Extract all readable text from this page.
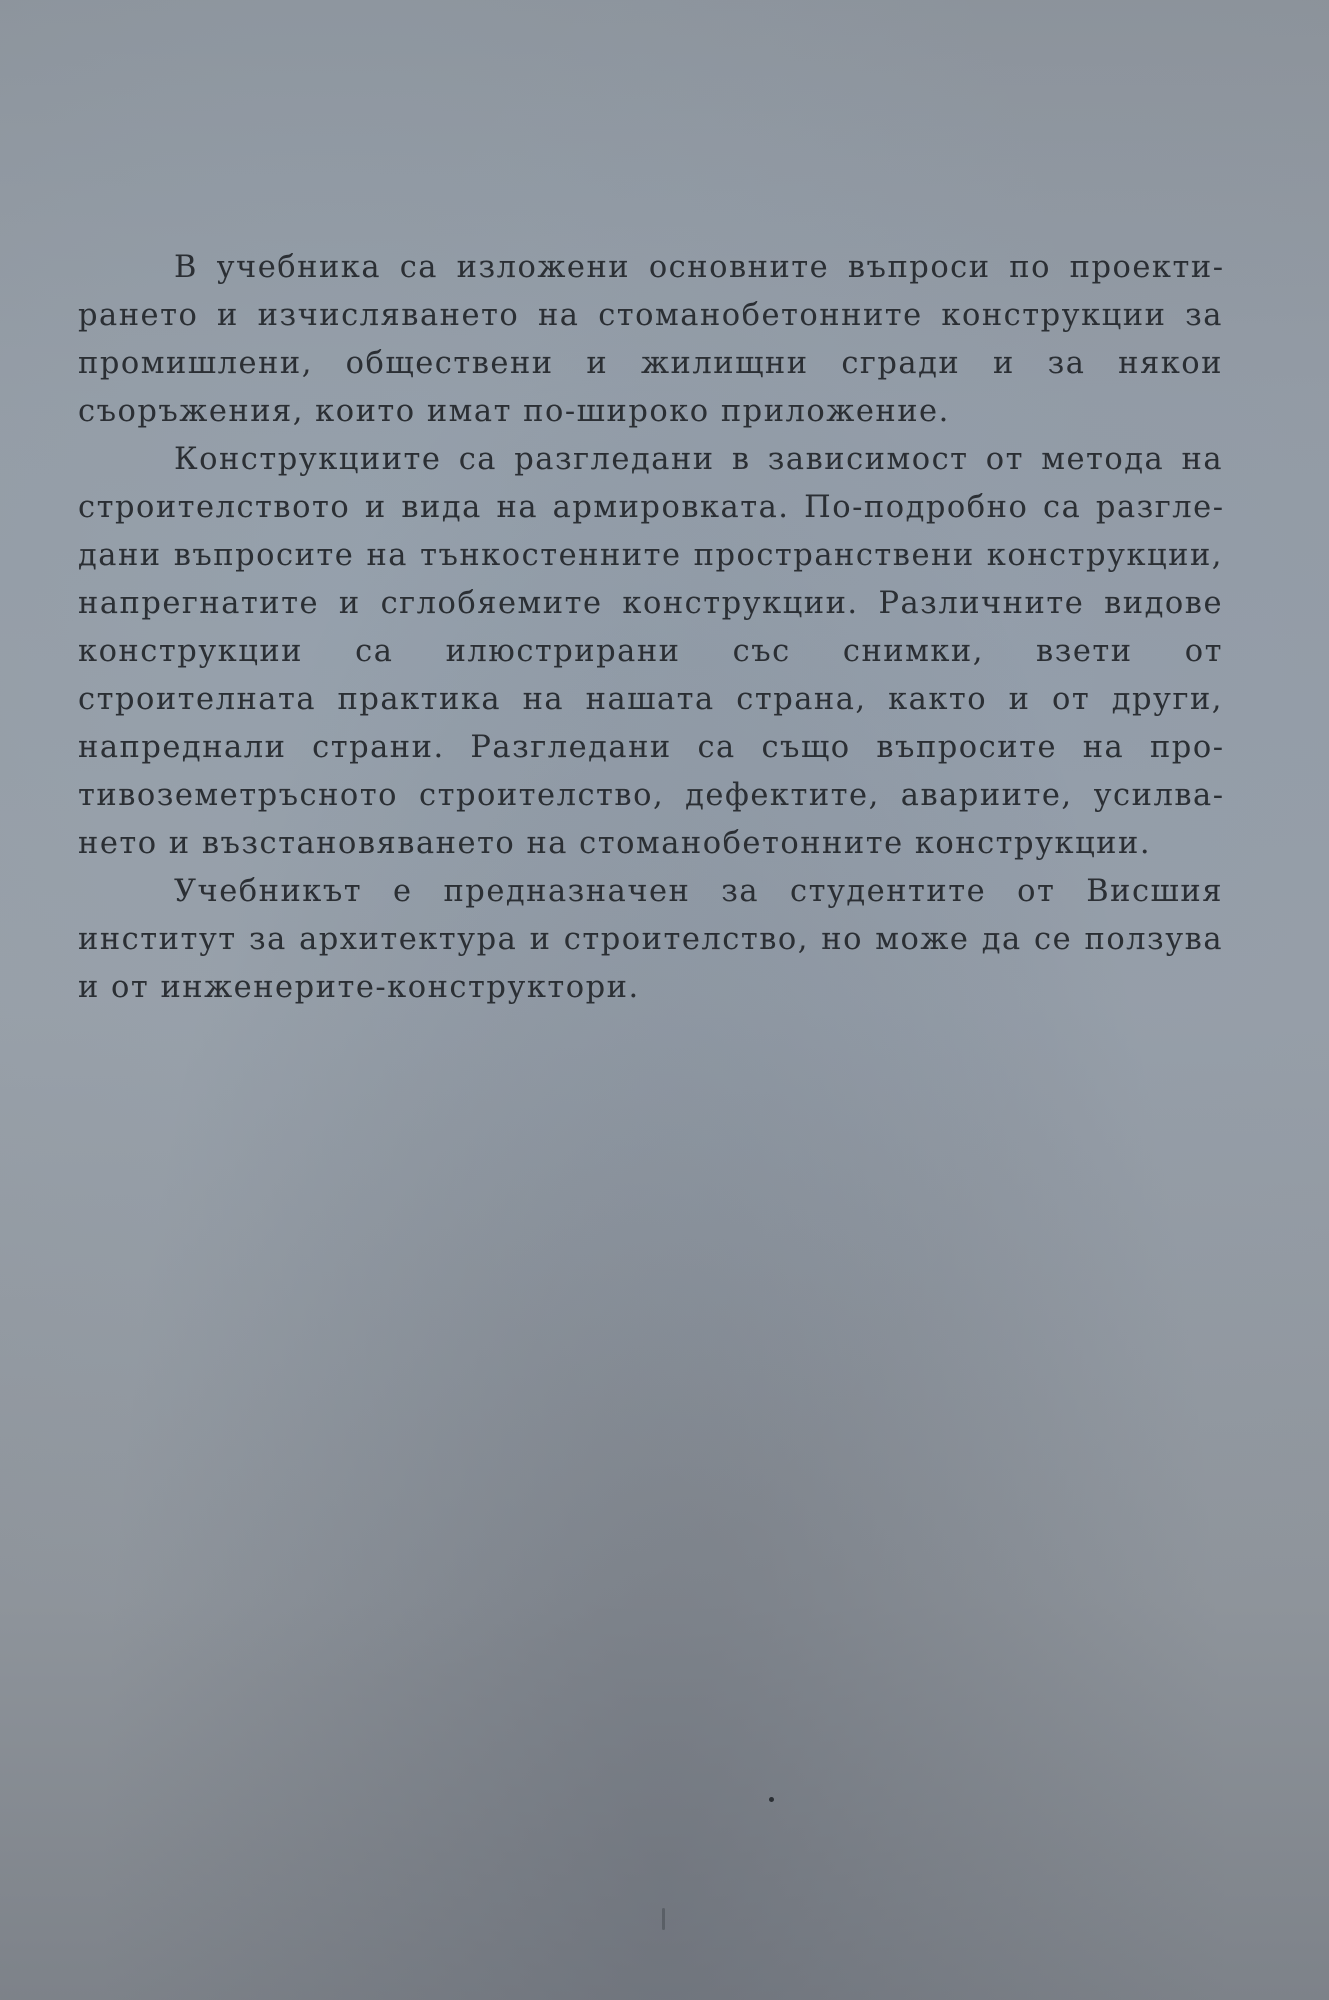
В учебника са изложени основните въпроси по проектирането и изчисляването на стоманобетонните конструкции за промишлени, обществени и жилищни сгради и за някои съоръжения, които имат по-широко приложение.

Конструкциите са разгледани в зависимост от метода на строителството и вида на армировката. По-подробно са разгледани въпросите на тънкостенните пространствени конструкции, напрегнатите и сглобяемите конструкции. Различните видове конструкции са илюстрирани със снимки, взети от строителната практика на нашата страна, както и от други, напреднали страни. Разгледани са също въпросите на противоземетръсното строителство, дефектите, авариите, усилването и възстановяването на стоманобетонните конструкции.

Учебникът е предназначен за студентите от Висшия институт за архитектура и строителство, но може да се ползува и от инженерите-конструктори.
